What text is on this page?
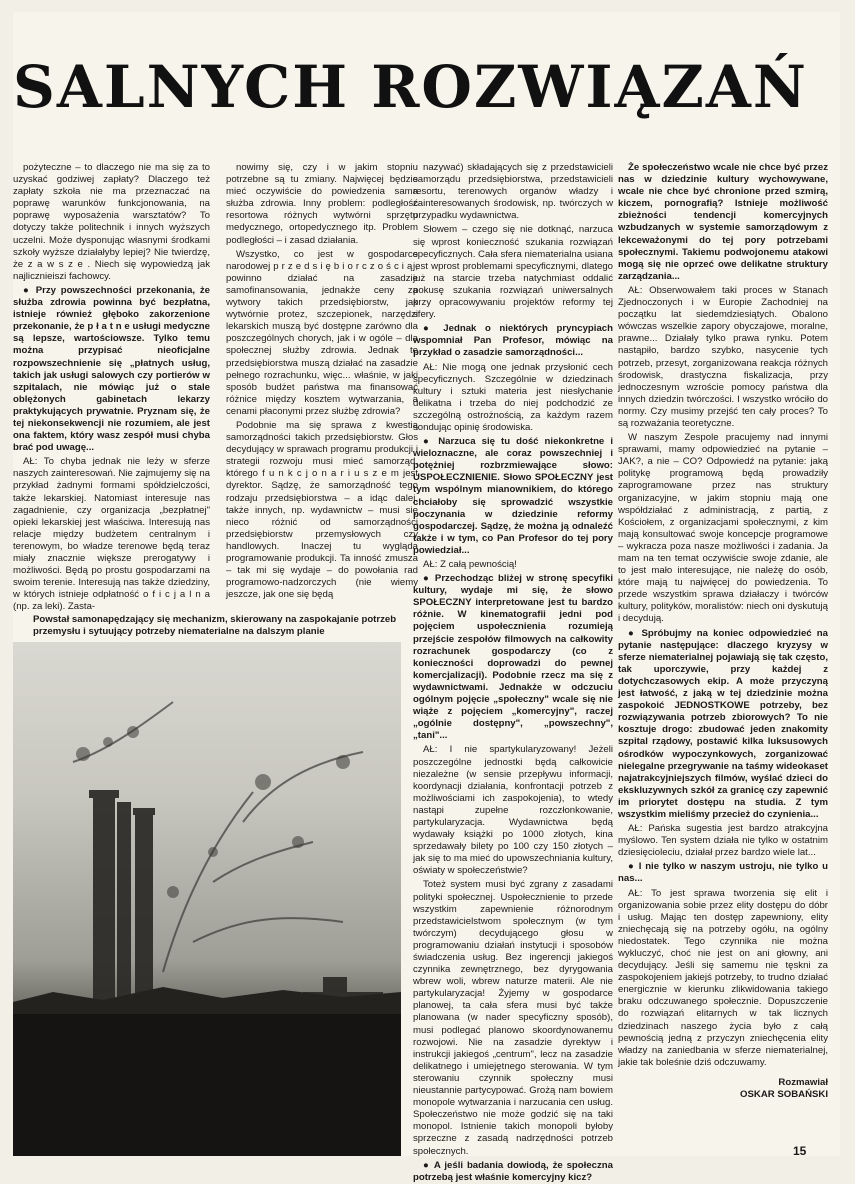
SALNYCH ROZWIĄZAŃ

pożyteczne – to dlaczego nie ma się za to uzyskać godziwej zapłaty? Dlaczego też zapłaty szkoła nie ma przeznaczać na poprawę warunków funkcjonowania, na poprawę wyposażenia warsztatów? To dotyczy także politechnik i innych wyższych uczelni. Może dysponując własnymi środkami szkoły wyższe działałyby lepiej? Nie twierdzę, że z a w s z e . Niech się wypowiedzą jak najlicznieiszi fachowcy.

● Przy powszechności przekonania, że służba zdrowia powinna być bezpłatna, istnieje również głęboko zakorzenione przekonanie, że p ł a t n e usługi medyczne są lepsze, wartościowsze. Tylko temu można przypisać nieoficjalne rozpowszechnienie się „płatnych usług, takich jak usługi salowych czy portierów w szpitalach, nie mówiąc już o stale oblężonych gabinetach lekarzy praktykujących prywatnie. Pryznam się, że tej niekonsekwencji nie rozumiem, ale jest ona faktem, który wasz zespół musi chyba brać pod uwagę...

AŁ: To chyba jednak nie leży w sferze naszych zainteresowań. Nie zajmujemy się na przykład żadnymi formami spółdzielczości, także lekarskiej. Natomiast interesuje nas zagadnienie, czy organizacja „bezpłatnej" opieki lekarskiej jest właściwa. Interesują nas relacje między budżetem centralnym i terenowym, bo władze terenowe będą teraz miały znacznie większe prerogatywy i możliwości. Będą po prostu gospodarzami na swoim terenie. Interesują nas także dziedziny, w których istnieje odpłatność o f i c j a l n a (np. za leki). Zasta-

nowimy się, czy i w jakim stopniu potrzebne są tu zmiany. Najwięcej będzie mieć oczywiście do powiedzenia sama służba zdrowia. Inny problem: podległość resortowa różnych wytwórni sprzętu medycznego, ortopedycznego itp. Problem podległości – i zasad działania.

Wszystko, co jest w gospodarce narodowej p r z e d s i ę b i o r c z o ś c i ą , powinno działać na zasadzie samofinansowania, jednakże ceny za wytwory takich przedsiębiorstw, jak wytwórnie protez, szczepionek, narzędzi lekarskich muszą być dostępne zarówno dla poszczególnych chorych, jak i w ogóle – dla społecznej służby zdrowia. Jednak te przedsiębiorstwa muszą działać na zasadzie pełnego rozrachunku, więc... właśnie, w jaki sposób budżet państwa ma finansować różnice między kosztem wytwarzania, a cenami płaconymi przez służbę zdrowia?

Podobnie ma się sprawa z kwestią samorządności takich przedsiębiorstw. Głos decydujący w sprawach programu produkcji i strategii rozwoju musi mieć samorząd, którego f u n k c j o n a r i u s z e m jest dyrektor. Sądzę, że samorządność tego rodzaju przedsiębiorstwa – a idąc dalej, także innych, np. wydawnictw – musi się nieco różnić od samorządności przedsiębiorstw przemysłowych czy handlowych. Inaczej tu wygląda programowanie produkcji. Ta inność zmusza – tak mi się wydaje – do powołania rad programowo-nadzorczych (nie wiemy jeszcze, jak one się będą

nazywać) składających się z przedstawicieli samorządu przedsiębiorstwa, przedstawicieli resortu, terenowych organów władzy i zainteresowanych środowisk, np. twórczych w przypadku wydawnictwa.

Słowem – czego się nie dotknąć, narzuca się wprost konieczność szukania rozwiązań specyficznych. Cała sfera niematerialna usiana jest wprost problemami specyficznymi, dlatego już na starcie trzeba natychmiast oddalić pokusę szukania rozwiązań uniwersalnych przy opracowywaniu projektów reformy tej sfery.

● Jednak o niektórych pryncypiach wspomniał Pan Profesor, mówiąc na przykład o zasadzie samorządności...

AŁ: Nie mogą one jednak przysłonić cech specyficznych. Szczególnie w dziedzinach kultury i sztuki materia jest niesłychanie delikatna i trzeba do niej podchodzić ze szczególną ostrożnością, za każdym razem sondując opinię środowiska.

● Narzuca się tu dość niekonkretne i wieloznaczne, ale coraz powszechniej i potężniej rozbrzmiewające słowo: USPOŁECZNIENIE. Słowo SPOŁECZNY jest tym wspólnym mianownikiem, do którego chciałoby się sprowadzić wszystkie poczynania w dziedzinie reformy gospodarczej. Sądzę, że można ją odnaleźć także i w tym, co Pan Profesor do tej pory powiedział...

AŁ: Z całą pewnością!

● Przechodząc bliżej w stronę specyfiki kultury, wydaje mi się, że słowo SPOŁECZNY interpretowane jest tu bardzo różnie. W kinematografii jedni pod pojęciem uspołecznienia rozumieją przejście zespołów filmowych na całkowity rozrachunek gospodarczy (co z konieczności doprowadzi do pewnej komercjalizacji). Podobnie rzecz ma się z wydawnictwami. Jednakże w odczuciu ogólnym pojęcie „społeczny" wcale się nie wiąże z pojęciem „komercyjny", raczej „ogólnie dostępny", „powszechny", „tani"...

AŁ: I nie spartykularyzowany! Jeżeli poszczególne jednostki będą całkowicie niezależne (w sensie przepływu informacji, koordynacji działania, konfrontacji potrzeb z możliwościami ich zaspokojenia), to wtedy nastąpi zupełne rozczłonkowanie, partykularyzacja. Wydawnictwa będą wydawały książki po 1000 złotych, kina sprzedawały bilety po 100 czy 150 złotych – jak się to ma mieć do upowszechniania kultury, oświaty w społeczeństwie?

Toteż system musi być zgrany z zasadami polityki społecznej. Uspołecznienie to przede wszystkim zapewnienie różnorodnym przedstawicielstwom społecznym (w tym twórczym) decydującego głosu w programowaniu działań instytucji i sposobów świadczenia usług. Bez ingerencji jakiegoś czynnika zewnętrznego, bez dyrygowania wbrew woli, wbrew naturze materii. Ale nie partykularyzacja! Żyjemy w gospodarce planowej, ta cała sfera musi być także planowana (w nader specyficzny sposób), musi podlegać planowo skoordynowanemu rozwojowi. Nie na zasadzie dyrektyw i instrukcji jakiegoś „centrum", lecz na zasadzie delikatnego i umiejętnego sterowania. W tym sterowaniu czynnik społeczny musi nieustannie partycypować. Grożą nam bowiem monopole wytwarzania i narzucania cen usług. Społeczeństwo nie może godzić się na taki monopol. Istnienie takich monopoli byłoby sprzeczne z zasadą nadrzędności potrzeb społecznych.

● A jeśli badania dowiodą, że społeczna potrzebą jest właśnie komercyjny kicz?

Że społeczeństwo wcale nie chce być przez nas w dziedzinie kultury wychowywane, wcale nie chce być chronione przed szmirą, kiczem, pornografią? Istnieje możliwość zbieżności tendencji komercyjnych wzbudzanych w systemie samorządowym z lekceważonymi do tej pory potrzebami społecznymi. Takiemu podwojonemu atakowi mogą się nie oprzeć owe delikatne struktury zarządzania...

AŁ: Obserwowałem taki proces w Stanach Zjednoczonych i w Europie Zachodniej na początku lat siedemdziesiątych. Obalono wówczas wszelkie zapory obyczajowe, moralne, prawne... Działały tylko prawa rynku. Potem nastąpiło, bardzo szybko, nasycenie tych potrzeb, przesyt, zorganizowana reakcja różnych środowisk, drastyczna fiskalizacja, przy jednoczesnym wzroście pomocy państwa dla innych dziedzin twórczości. I wszystko wróciło do normy. Czy musimy przejść ten cały proces? To są rozważania teoretyczne.

W naszym Zespole pracujemy nad innymi sprawami, mamy odpowiedzieć na pytanie – JAK?, a nie – CO? Odpowiedź na pytanie: jaką politykę programową będą prowadziły zaprogramowane przez nas struktury organizacyjne, w jakim stopniu mają one współdziałać z administracją, z partią, z Kościołem, z organizacjami społecznymi, z kim mają konsultować swoje koncepcje programowe – wykracza poza nasze możliwości i zadania. Ja mam na ten temat oczywiście swoje zdanie, ale to jest mało interesujące, nie należę do osób, które mają tu najwięcej do powiedzenia. To przede wszystkim sprawa działaczy i twórców kultury, polityków, moralistów: niech oni dyskutują i decydują.

● Spróbujmy na koniec odpowiedzieć na pytanie następujące: dlaczego kryzysy w sferze niematerialnej pojawiają się tak często, tak uporczywie, przy każdej z dotychczasowych ekip. A może przyczyną jest łatwość, z jaką w tej dziedzinie można zaspokoić JEDNOSTKOWE potrzeby, bez rozwiązywania potrzeb zbiorowych? To nie kosztuje drogo: zbudować jeden znakomity szpital rządowy, postawić kilka luksusowych ośrodków wypoczynkowych, zorganizować nielegalne przegrywanie na taśmy wideokaset najatrakcyjniejszych filmów, wyślać dzieci do ekskluzywnych szkół za granicę czy zapewnić im priorytet dostępu na studia. Z tym wszystkim mieliśmy przecież do czynienia...

AŁ: Pańska sugestia jest bardzo atrakcyjna myślowo. Ten system działa nie tylko w ostatnim dziesięcioleciu, działał przez bardzo wiele lat...

● I nie tylko w naszym ustroju, nie tylko u nas...

AŁ: To jest sprawa tworzenia się elit i organizowania sobie przez elity dostępu do dóbr i usług. Mając ten dostęp zapewniony, elity zniechęcają się na potrzeby ogółu, na ogólny niedostatek. Tego czynnika nie można wykluczyć, choć nie jest on ani głowny, ani decydujący. Jeśli się samemu nie tęskni za zaspokojeniem jakiejś potrzeby, to trudno działać energicznie w kierunku zlikwidowania takiego braku odczuwanego społecznie. Dopuszczenie do rozwiązań elitarnych w tak licznych dziedzinach naszego życia było z całą pewnością jedną z przyczyn zniechęcenia elity władzy na zaniedbania w sferze niematerialnej, jakie tak boleśnie dziś odczuwamy.

Rozmawiał
OSKAR SOBAŃSKI

Powstał samonapędzający się mechanizm, skierowany na zaspokajanie potrzeb przemysłu i sytuujący potrzeby niematerialne na dalszym planie
15
